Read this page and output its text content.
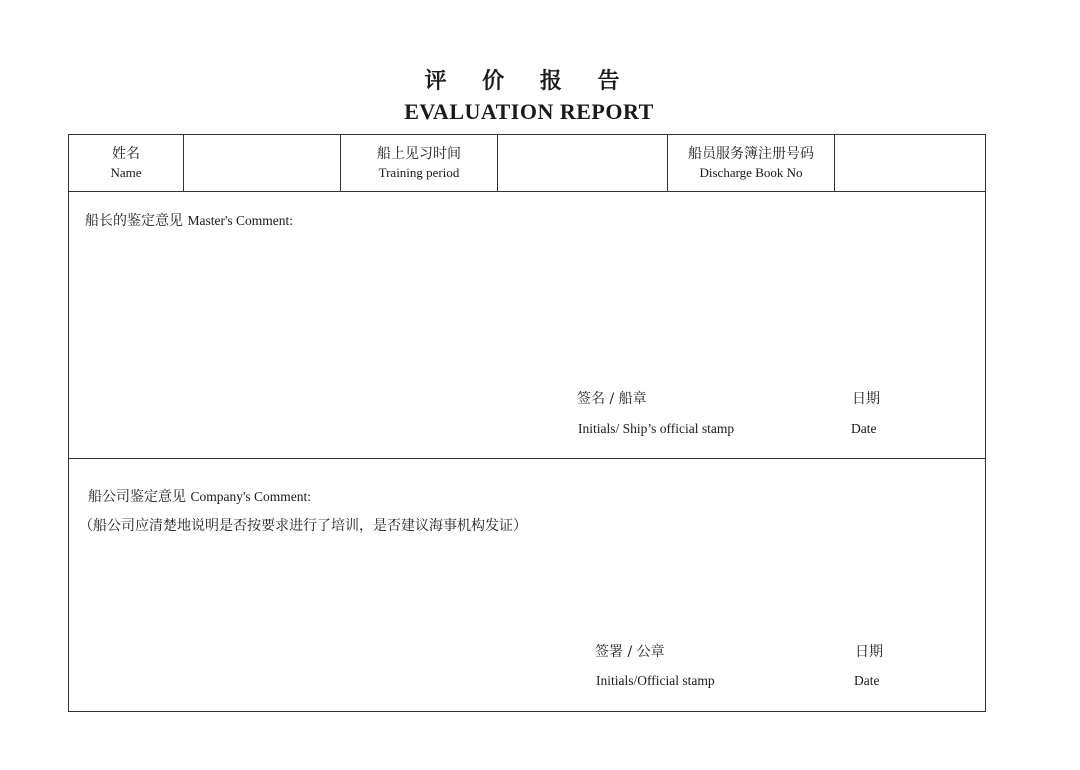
评 价 报 告
EVALUATION REPORT
姓名
Name
船上见习时间
Training period
船员服务簿注册号码
Discharge Book No
船长的鉴定意见 Master's Comment:
签名 / 船章
Initials/ Ship’s official stamp
日期
Date
船公司鉴定意见 Company's Comment:
（船公司应清楚地说明是否按要求进行了培训，是否建议海事机构发证）
签署 / 公章
Initials/Official stamp
日期
Date
